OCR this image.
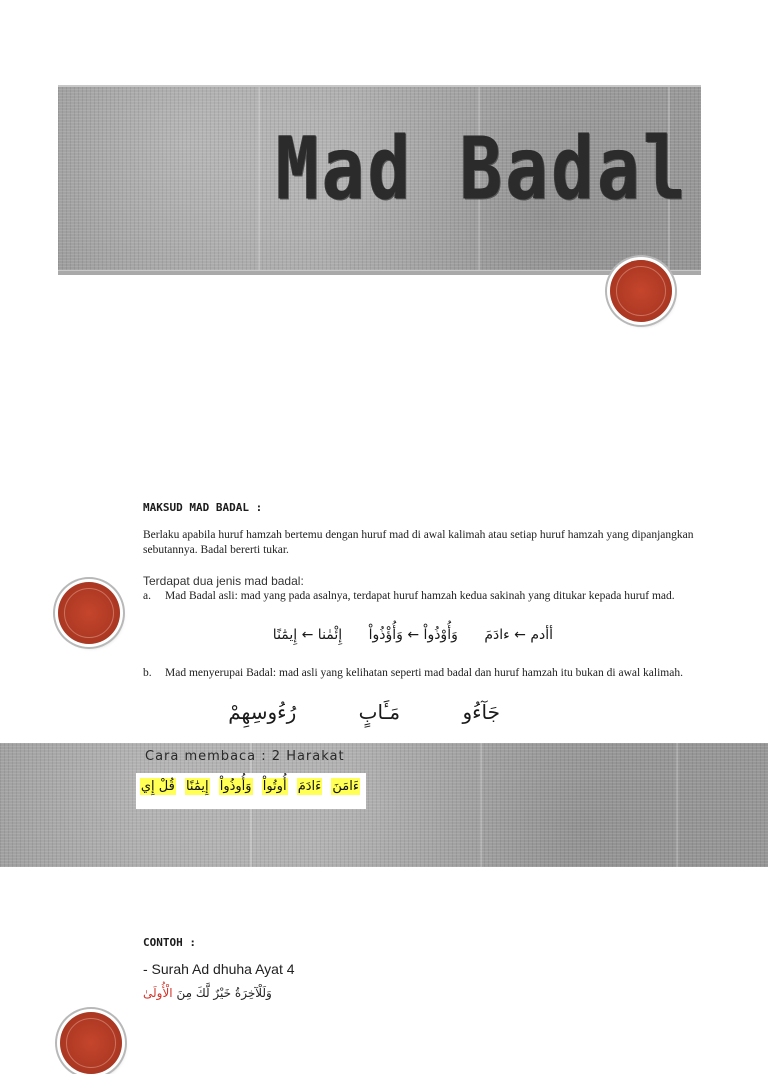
Mad Badal
MAKSUD MAD BADAL :
Berlaku apabila huruf hamzah bertemu dengan huruf mad di awal kalimah atau setiap huruf hamzah yang dipanjangkan sebutannya. Badal bererti tukar.
Terdapat dua jenis mad badal:
a. Mad Badal asli: mad yang pada asalnya, terdapat huruf hamzah kedua sakinah yang ditukar kepada huruf mad.
أأدم ← ءادَمَ وَأُوْذُواْ ← وَأُؤْذُواْ إِئْمٰنا ← إِيمَٰنًا
b. Mad menyerupai Badal: mad asli yang kelihatan seperti mad badal dan huruf hamzah itu bukan di awal kalimah.
جَآءُو مَـَٔابٍ رُءُوسِهِمْ
Cara membaca : 2 Harakat
ءَامَنَ ءَادَمَ أُوتُواْ وَأُوذُواْ إِيمَٰنًا قُلْ إِي
CONTOH :
- Surah Ad dhuha Ayat 4
وَلَلْآخِرَةُ خَيْرٌ لَّكَ مِنَ الْأُولَىٰ
